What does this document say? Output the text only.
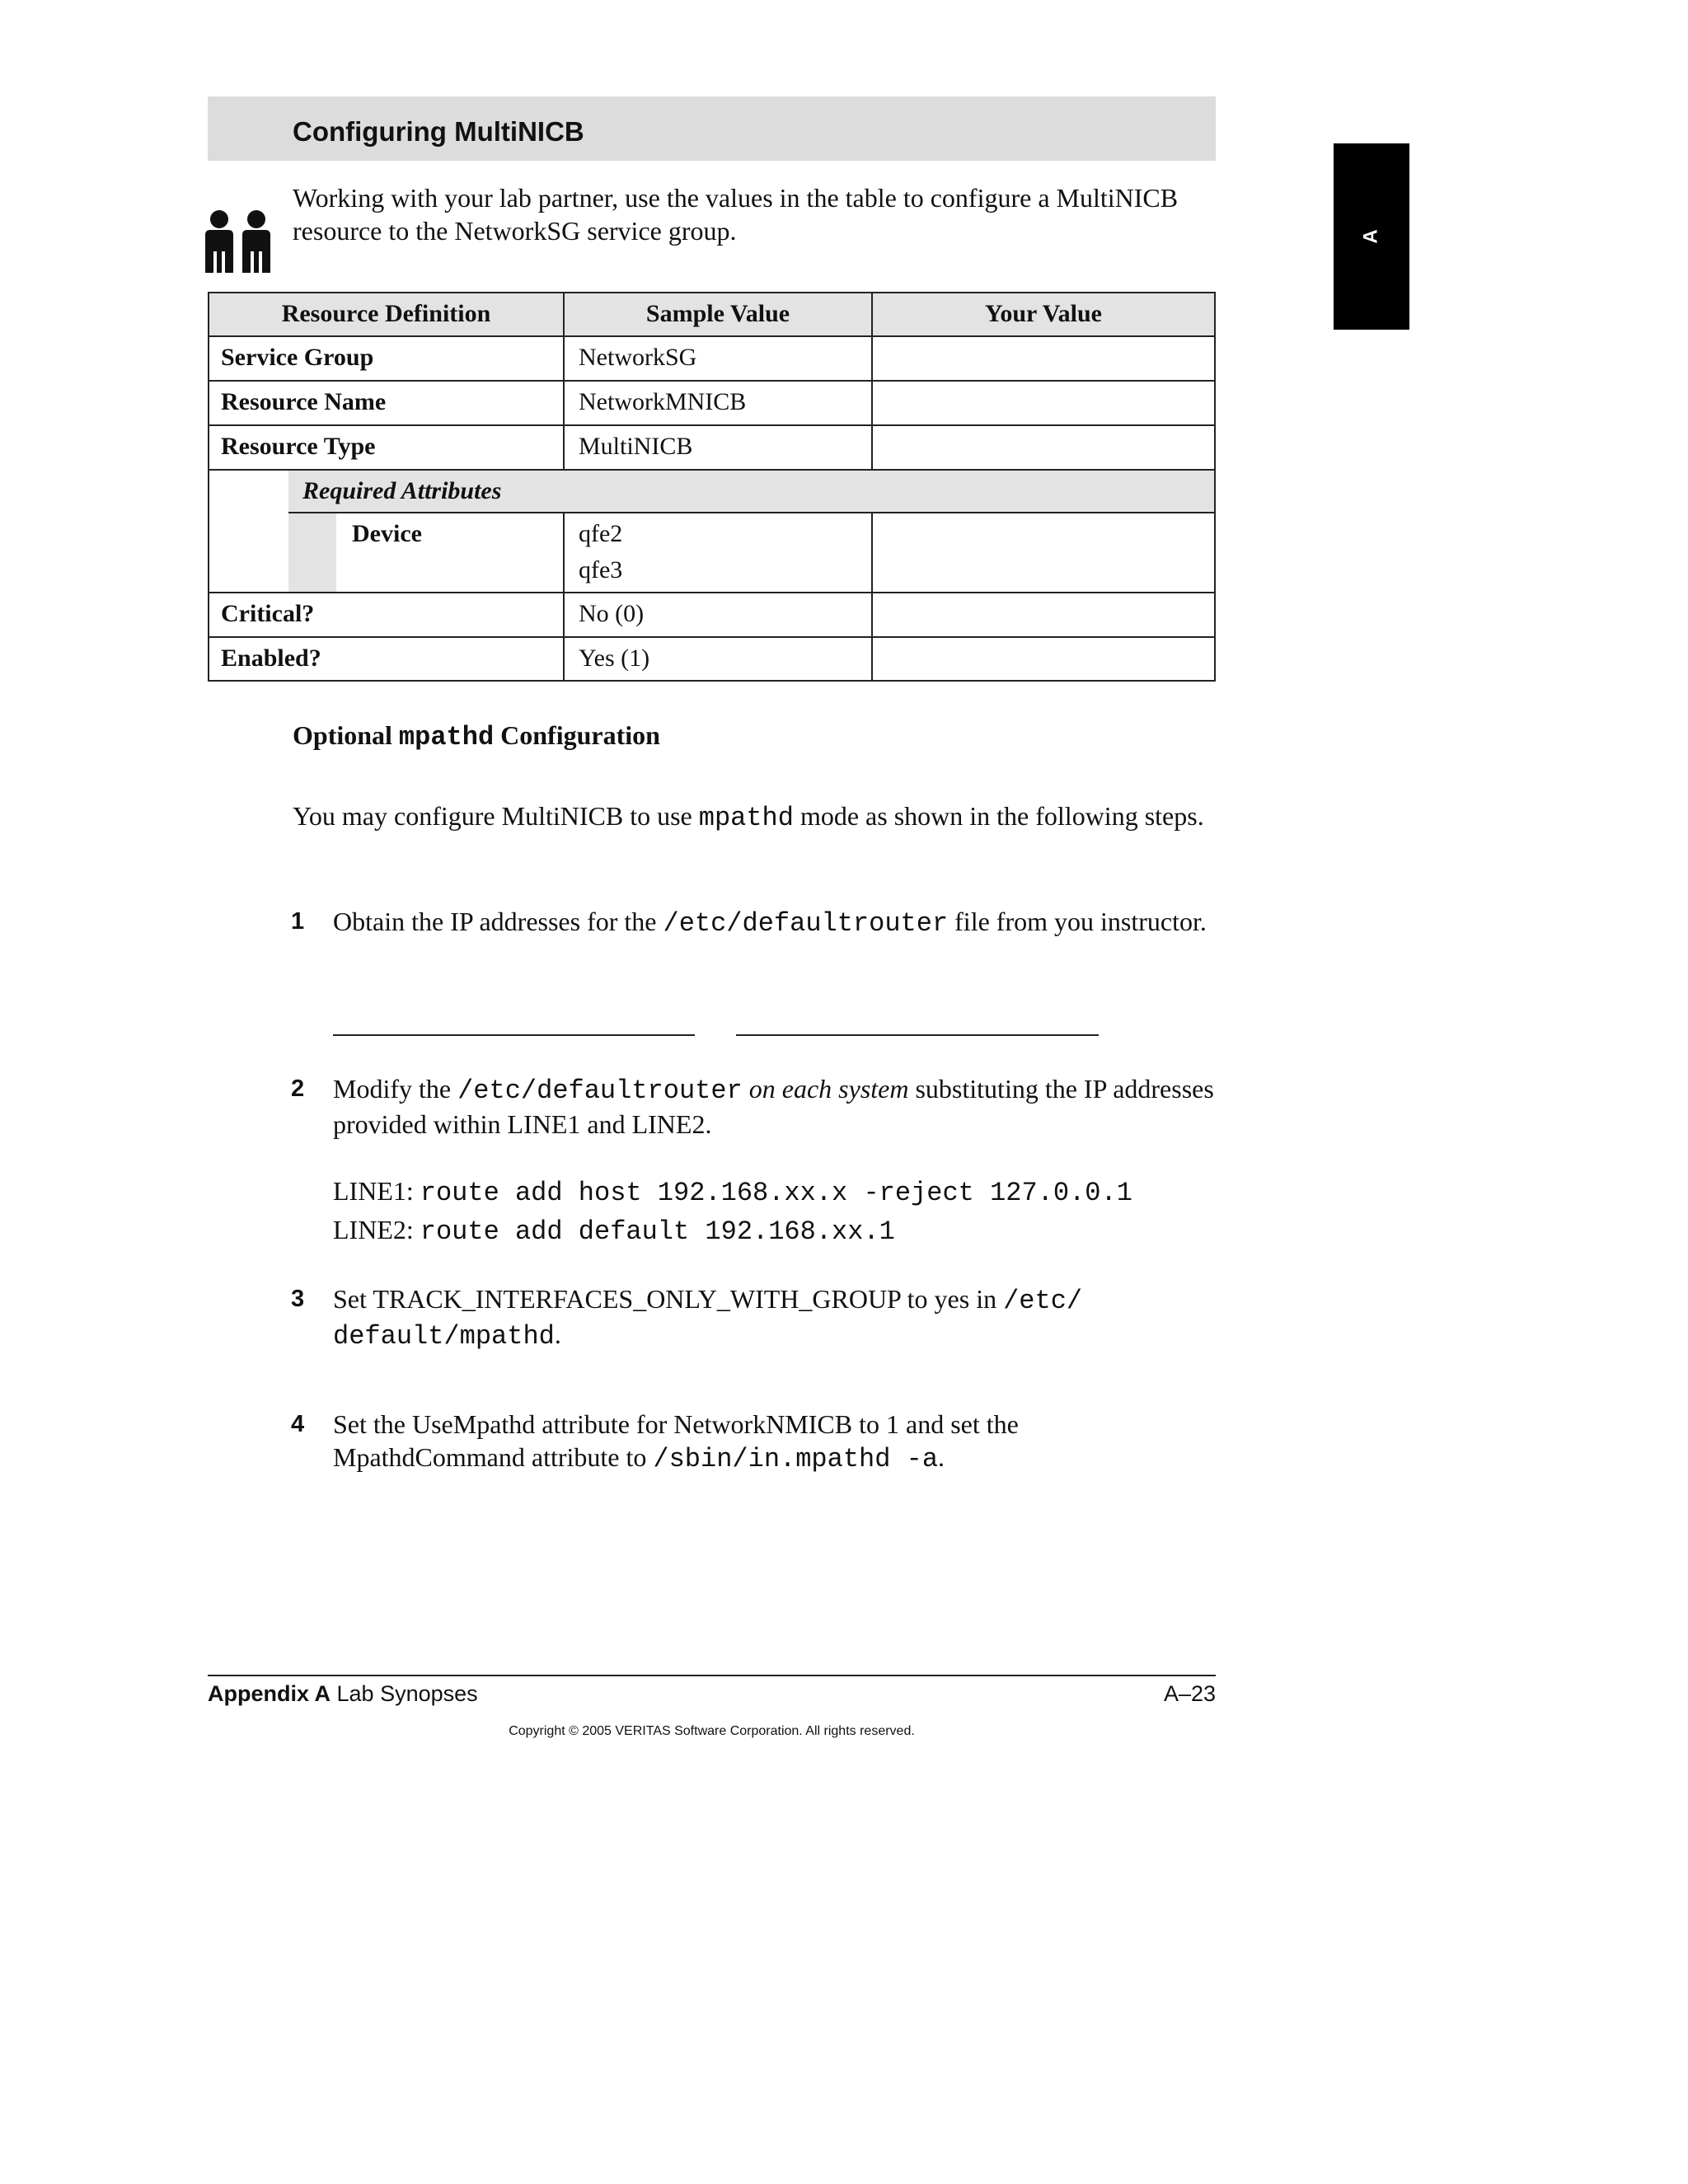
Configuring MultiNICB
A
Working with your lab partner, use the values in the table to configure a MultiNICB resource to the NetworkSG service group.
Resource Definition	Sample Value	Your Value
Service Group	NetworkSG
Resource Name	NetworkMNICB
Resource Type	MultiNICB
Required Attributes
Device	qfe2
qfe3
Critical?	No (0)
Enabled?	Yes (1)
Optional mpathd Configuration
You may configure MultiNICB to use mpathd mode as shown in the following steps.
1 Obtain the IP addresses for the /etc/defaultrouter file from you instructor.
2 Modify the /etc/defaultrouter on each system substituting the IP addresses provided within LINE1 and LINE2.
LINE1: route add host 192.168.xx.x -reject 127.0.0.1
LINE2: route add default 192.168.xx.1
3 Set TRACK_INTERFACES_ONLY_WITH_GROUP to yes in /etc/
default/mpathd.
4 Set the UseMpathd attribute for NetworkNMICB to 1 and set the
MpathdCommand attribute to /sbin/in.mpathd -a.
Appendix A Lab Synopses	A–23
Copyright © 2005 VERITAS Software Corporation. All rights reserved.
